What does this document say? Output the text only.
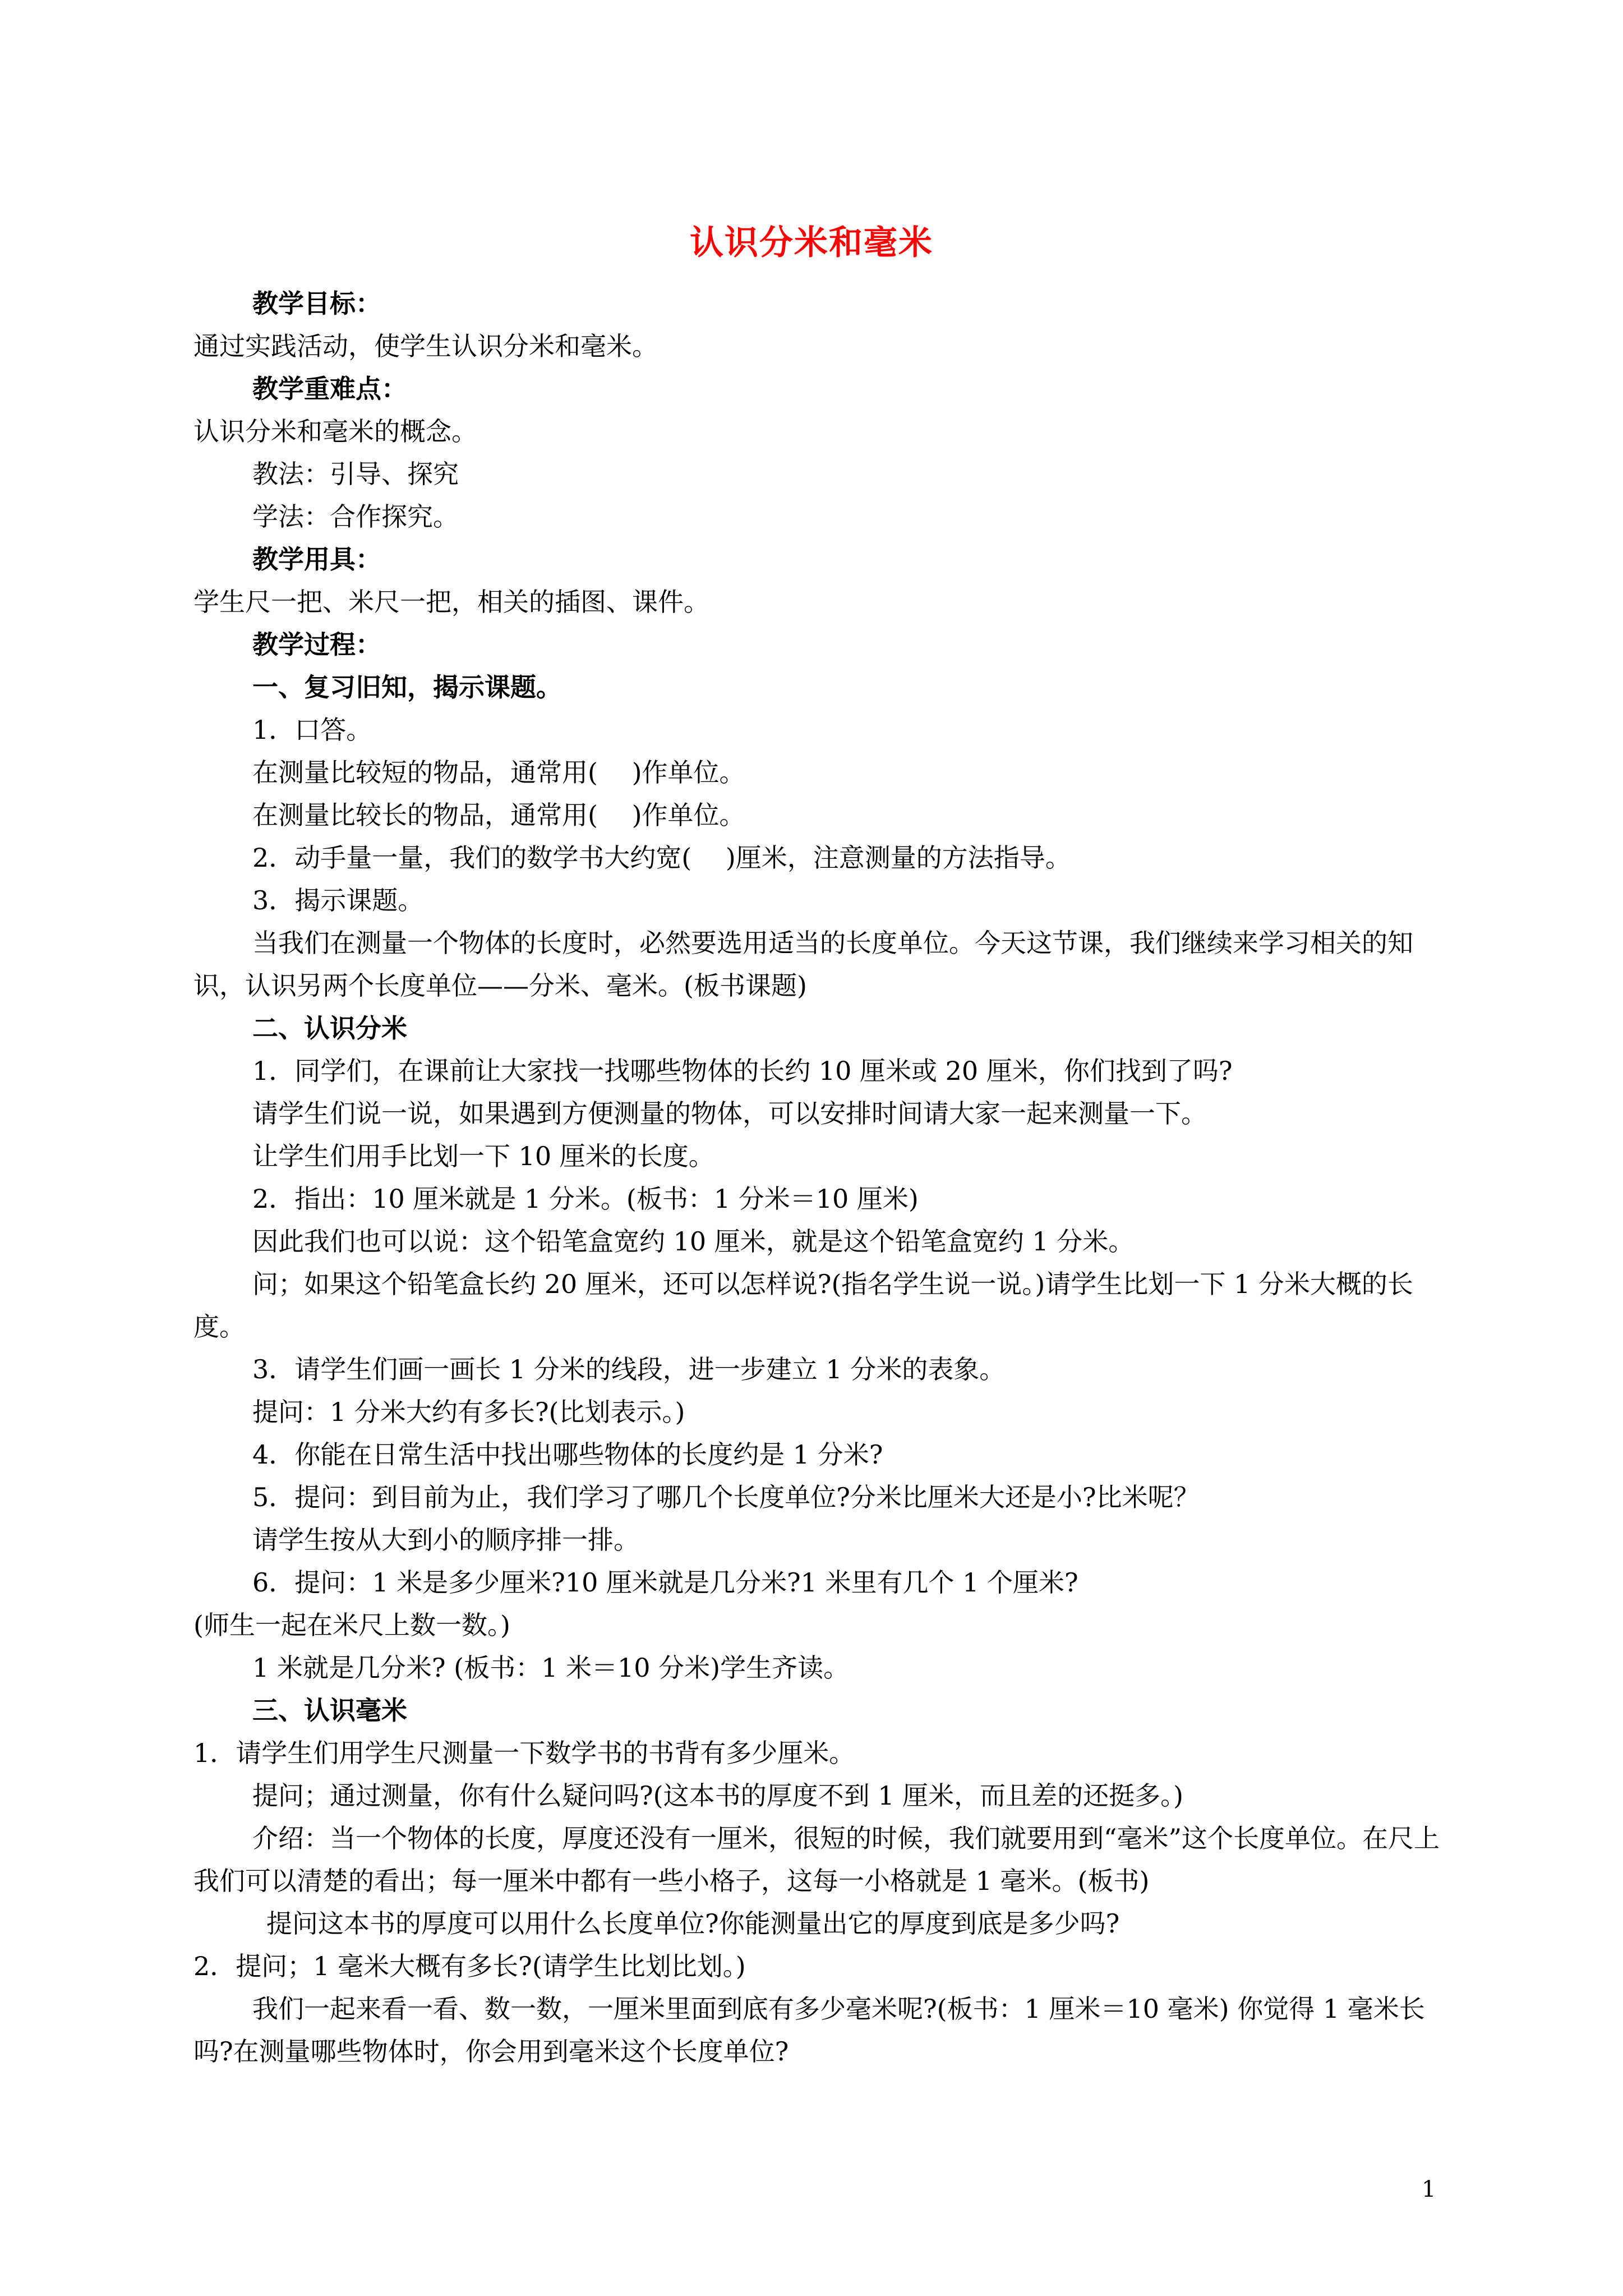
认识分米和毫米

教学目标：

通过实践活动，使学生认识分米和毫米。

教学重难点：

认识分米和毫米的概念。

教法：引导、探究

学法：合作探究。

教学用具：

学生尺一把、米尺一把，相关的插图、课件。

教学过程：

一、复习旧知，揭示课题。

1．口答。

在测量比较短的物品，通常用(　 )作单位。

在测量比较长的物品，通常用(　 )作单位。

2．动手量一量，我们的数学书大约宽(　 )厘米，注意测量的方法指导。

3．揭示课题。

当我们在测量一个物体的长度时，必然要选用适当的长度单位。今天这节课，我们继续来学习相关的知识，认识另两个长度单位——分米、毫米。(板书课题)

二、认识分米

1．同学们，在课前让大家找一找哪些物体的长约 10 厘米或 20 厘米，你们找到了吗?

请学生们说一说，如果遇到方便测量的物体，可以安排时间请大家一起来测量一下。

让学生们用手比划一下 10 厘米的长度。

2．指出：10 厘米就是 1 分米。(板书：1 分米＝10 厘米)

因此我们也可以说：这个铅笔盒宽约 10 厘米，就是这个铅笔盒宽约 1 分米。

问；如果这个铅笔盒长约 20 厘米，还可以怎样说?(指名学生说一说。)请学生比划一下 1 分米大概的长度。

3．请学生们画一画长 1 分米的线段，进一步建立 1 分米的表象。

提问：1 分米大约有多长?(比划表示。)

4．你能在日常生活中找出哪些物体的长度约是 1 分米?

5．提问：到目前为止，我们学习了哪几个长度单位?分米比厘米大还是小?比米呢？

请学生按从大到小的顺序排一排。

6．提问：1 米是多少厘米?10 厘米就是几分米?1 米里有几个 1 个厘米?

(师生一起在米尺上数一数。)

1 米就是几分米? (板书：1 米＝10 分米)学生齐读。

三、认识毫米

1．请学生们用学生尺测量一下数学书的书背有多少厘米。

提问；通过测量，你有什么疑问吗?(这本书的厚度不到 1 厘米，而且差的还挺多。)

介绍：当一个物体的长度，厚度还没有一厘米，很短的时候，我们就要用到“毫米”这个长度单位。在尺上我们可以清楚的看出；每一厘米中都有一些小格子，这每一小格就是 1 毫米。(板书)

提问这本书的厚度可以用什么长度单位?你能测量出它的厚度到底是多少吗?

2．提问；1 毫米大概有多长?(请学生比划比划。)

我们一起来看一看、数一数，一厘米里面到底有多少毫米呢?(板书：1 厘米＝10 毫米) 你觉得 1 毫米长吗?在测量哪些物体时，你会用到毫米这个长度单位?

1
